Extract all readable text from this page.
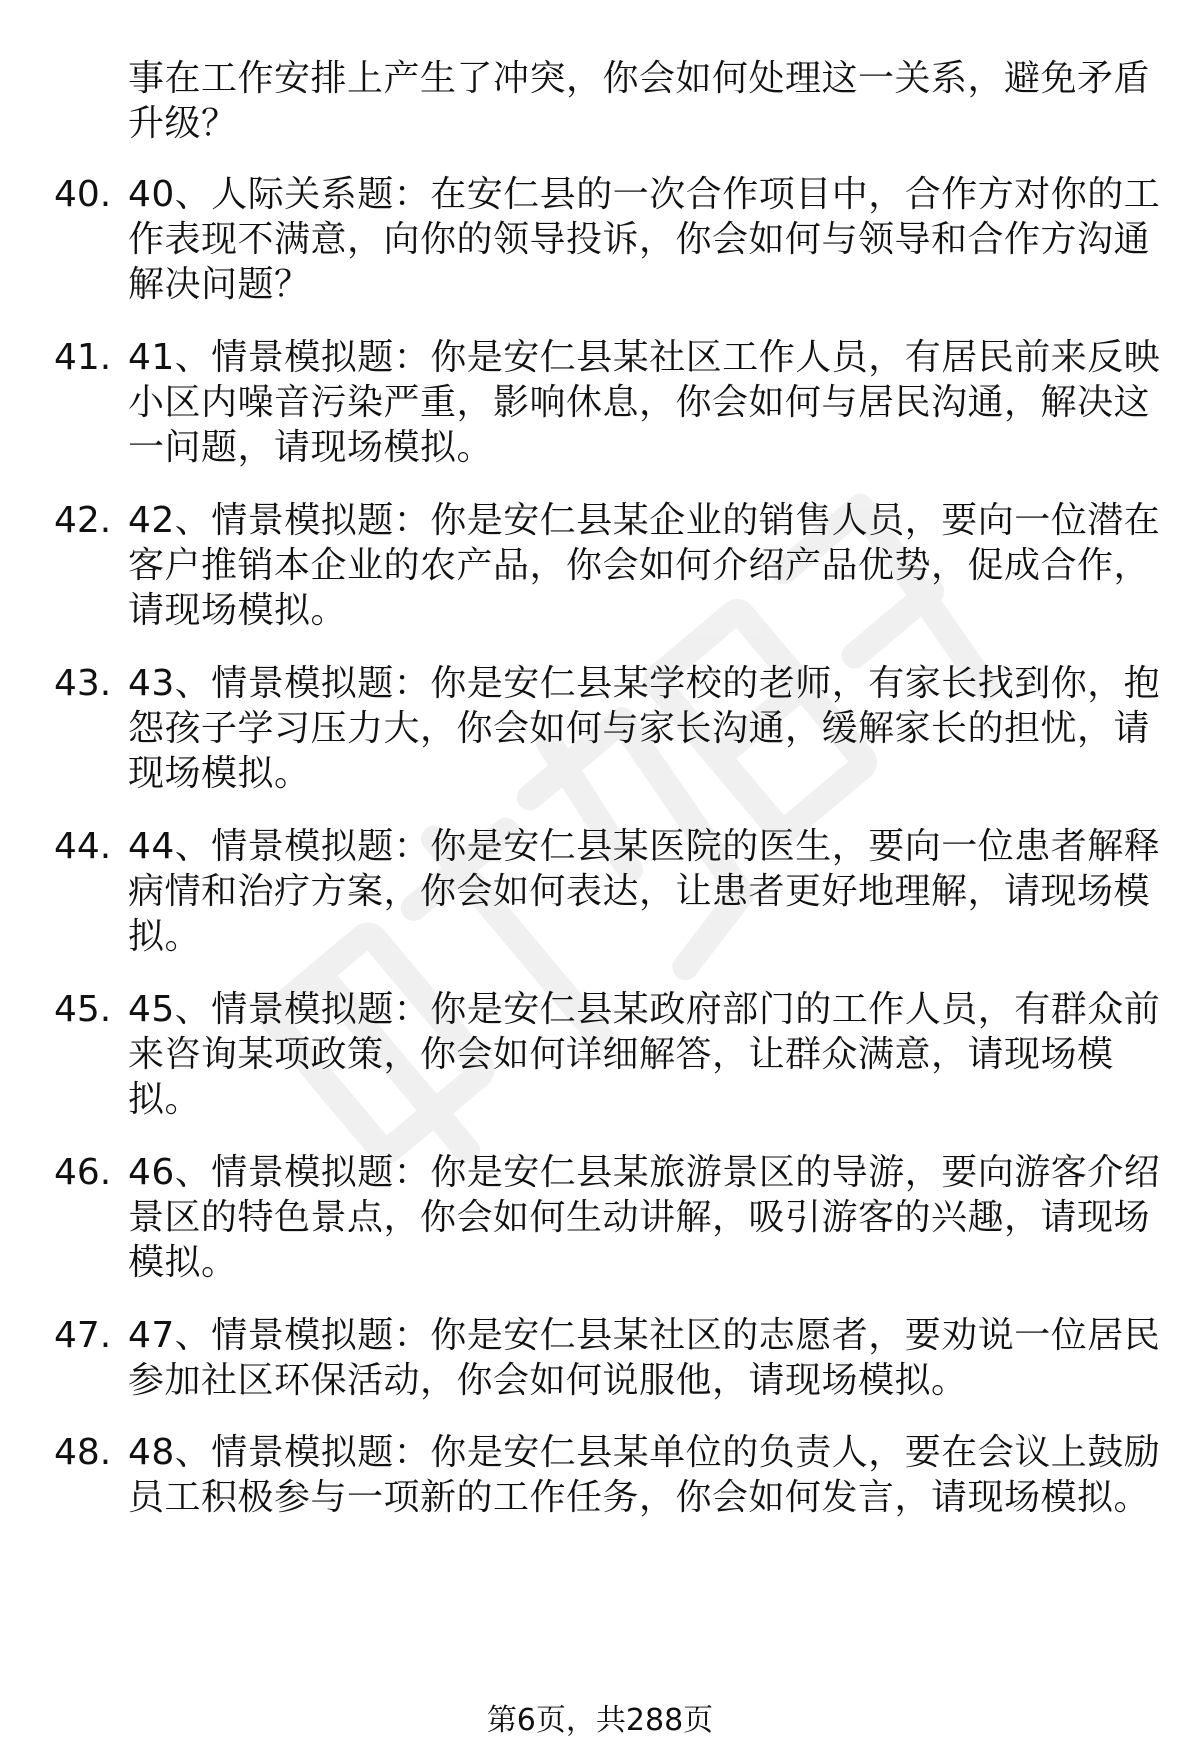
事在工作安排上产生了冲突，你会如何处理这一关系，避免矛盾
升级？
40. 40、人际关系题：在安仁县的一次合作项目中，合作方对你的工
作表现不满意，向你的领导投诉，你会如何与领导和合作方沟通
解决问题？
41. 41、情景模拟题：你是安仁县某社区工作人员，有居民前来反映
小区内噪音污染严重，影响休息，你会如何与居民沟通，解决这
一问题，请现场模拟。
42. 42、情景模拟题：你是安仁县某企业的销售人员，要向一位潜在
客户推销本企业的农产品，你会如何介绍产品优势，促成合作，
请现场模拟。
43. 43、情景模拟题：你是安仁县某学校的老师，有家长找到你，抱
怨孩子学习压力大，你会如何与家长沟通，缓解家长的担忧，请
现场模拟。
44. 44、情景模拟题：你是安仁县某医院的医生，要向一位患者解释
病情和治疗方案，你会如何表达，让患者更好地理解，请现场模
拟。
45. 45、情景模拟题：你是安仁县某政府部门的工作人员，有群众前
来咨询某项政策，你会如何详细解答，让群众满意，请现场模
拟。
46. 46、情景模拟题：你是安仁县某旅游景区的导游，要向游客介绍
景区的特色景点，你会如何生动讲解，吸引游客的兴趣，请现场
模拟。
47. 47、情景模拟题：你是安仁县某社区的志愿者，要劝说一位居民
参加社区环保活动，你会如何说服他，请现场模拟。
48. 48、情景模拟题：你是安仁县某单位的负责人，要在会议上鼓励
员工积极参与一项新的工作任务，你会如何发言，请现场模拟。
第6页，共288页
